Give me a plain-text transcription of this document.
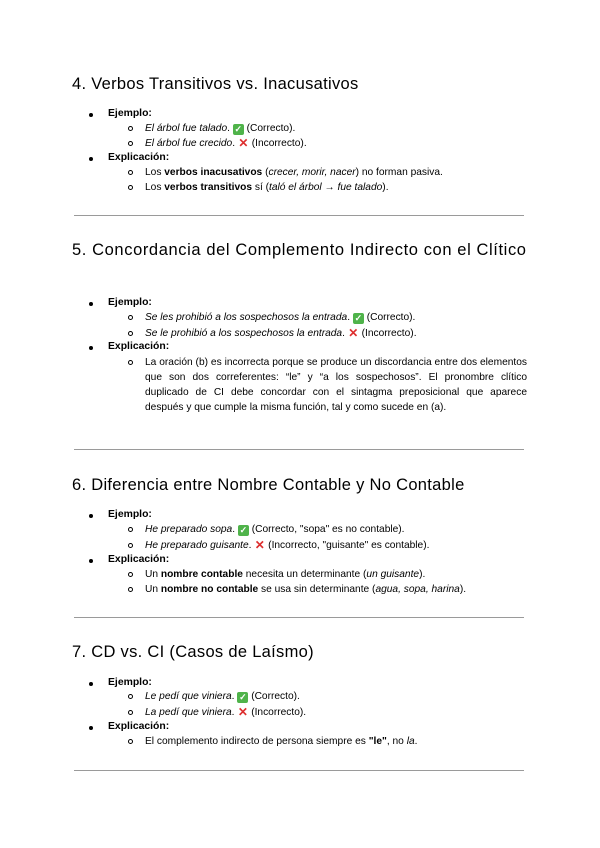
4. Verbos Transitivos vs. Inacusativos
Ejemplo:
El árbol fue talado. ✓ (Correcto).
El árbol fue crecido. ✕ (Incorrecto).
Explicación:
Los verbos inacusativos (crecer, morir, nacer) no forman pasiva.
Los verbos transitivos sí (taló el árbol → fue talado).
5. Concordancia del Complemento Indirecto con el Clítico
Ejemplo:
Se les prohibió a los sospechosos la entrada. ✓ (Correcto).
Se le prohibió a los sospechosos la entrada. ✕ (Incorrecto).
Explicación:
La oración (b) es incorrecta porque se produce un discordancia entre dos elementos que son dos correferentes: “le” y “a los sospechosos”. El pronombre clítico duplicado de CI debe concordar con el sintagma preposicional que aparece después y que cumple la misma función, tal y como sucede en (a).
6. Diferencia entre Nombre Contable y No Contable
Ejemplo:
He preparado sopa. ✓ (Correcto, "sopa" es no contable).
He preparado guisante. ✕ (Incorrecto, "guisante" es contable).
Explicación:
Un nombre contable necesita un determinante (un guisante).
Un nombre no contable se usa sin determinante (agua, sopa, harina).
7. CD vs. CI (Casos de Laísmo)
Ejemplo:
Le pedí que viniera. ✓ (Correcto).
La pedí que viniera. ✕ (Incorrecto).
Explicación:
El complemento indirecto de persona siempre es "le", no la.
